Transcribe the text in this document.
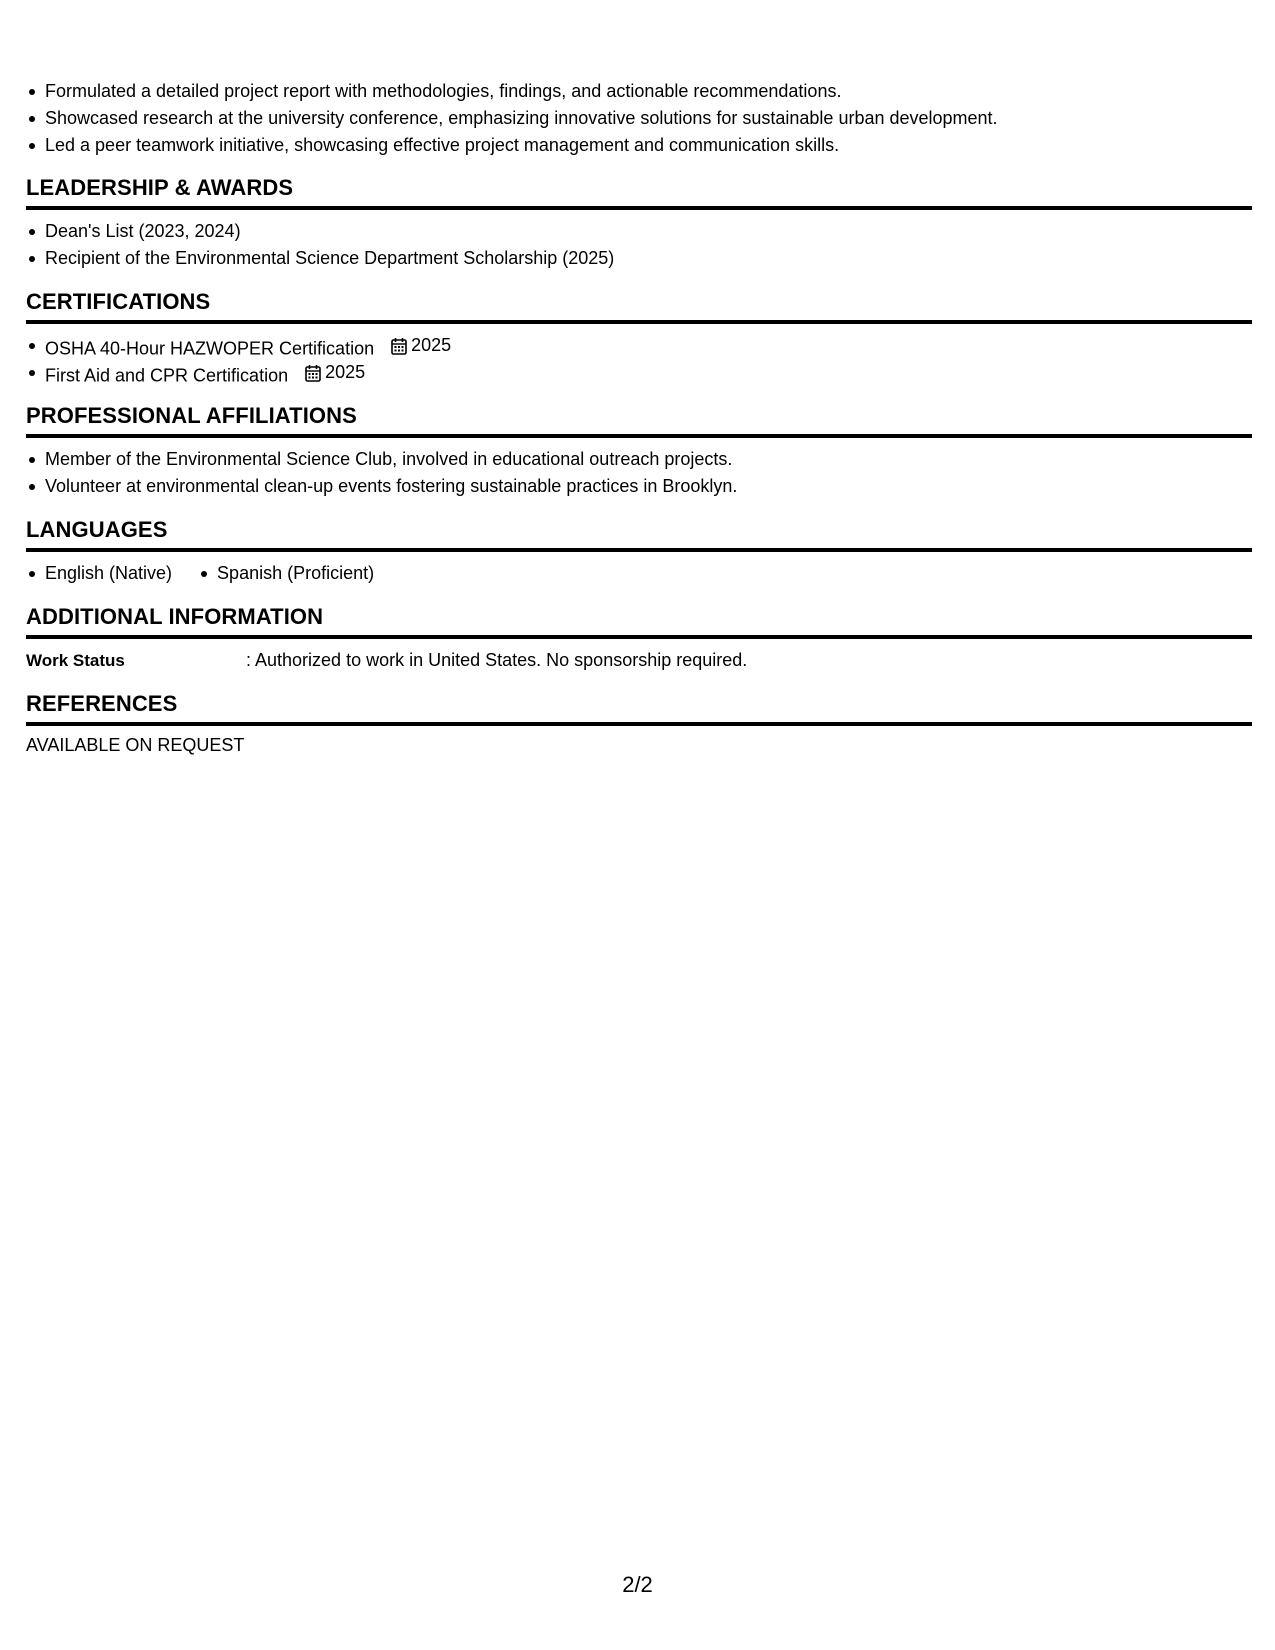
Formulated a detailed project report with methodologies, findings, and actionable recommendations.
Showcased research at the university conference, emphasizing innovative solutions for sustainable urban development.
Led a peer teamwork initiative, showcasing effective project management and communication skills.
LEADERSHIP & AWARDS
Dean's List (2023, 2024)
Recipient of the Environmental Science Department Scholarship (2025)
CERTIFICATIONS
OSHA 40-Hour HAZWOPER Certification 2025
First Aid and CPR Certification 2025
PROFESSIONAL AFFILIATIONS
Member of the Environmental Science Club, involved in educational outreach projects.
Volunteer at environmental clean-up events fostering sustainable practices in Brooklyn.
LANGUAGES
English (Native)	Spanish (Proficient)
ADDITIONAL INFORMATION
Work Status	: Authorized to work in United States. No sponsorship required.
REFERENCES
AVAILABLE ON REQUEST
2/2
